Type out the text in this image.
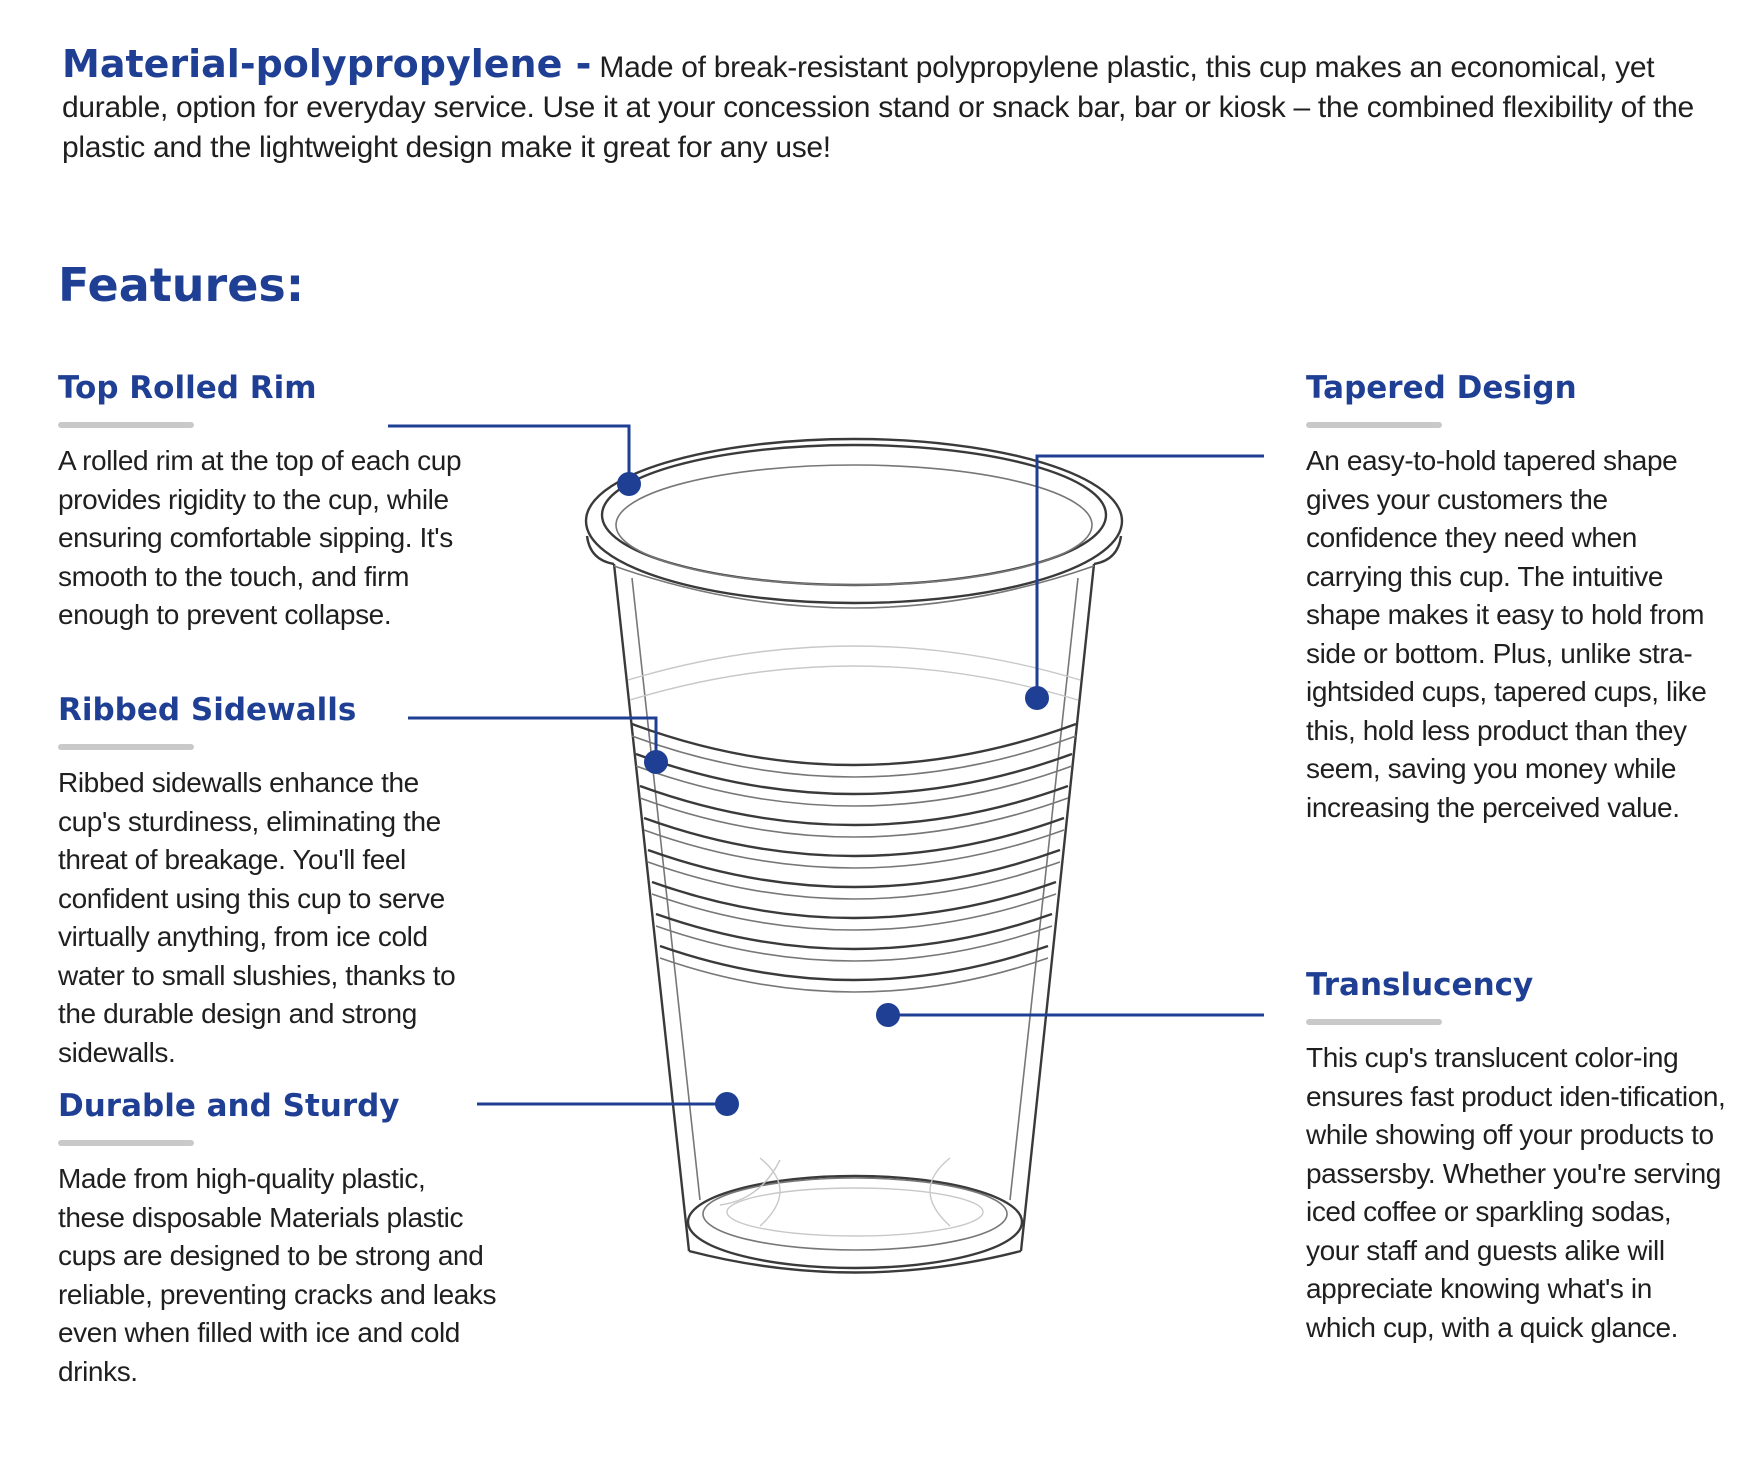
Material-polypropylene - Made of break-resistant polypropylene plastic, this cup makes an economical, yet durable, option for everyday service. Use it at your concession stand or snack bar, bar or kiosk – the combined flexibility of the plastic and the lightweight design make it great for any use!
Features:
Top Rolled Rim

A rolled rim at the top of each cup provides rigidity to the cup, while ensuring comfortable sipping. It's smooth to the touch, and firm enough to prevent collapse.

Ribbed Sidewalls

Ribbed sidewalls enhance the cup's sturdiness, eliminating the threat of breakage. You'll feel confident using this cup to serve virtually anything, from ice cold water to small slushies, thanks to the durable design and strong sidewalls.

Durable and Sturdy

Made from high-quality plastic, these disposable Materials plastic cups are designed to be strong and reliable, preventing cracks and leaks even when filled with ice and cold drinks.

Tapered Design

An easy-to-hold tapered shape gives your customers the confidence they need when carrying this cup. The intuitive shape makes it easy to hold from side or bottom. Plus, unlike stra-ightsided cups, tapered cups, like this, hold less product than they seem, saving you money while increasing the perceived value.

Translucency

This cup's translucent color-ing ensures fast product iden-tification, while showing off your products to passersby. Whether you're serving iced coffee or sparkling sodas, your staff and guests alike will appreciate knowing what's in which cup, with a quick glance.
